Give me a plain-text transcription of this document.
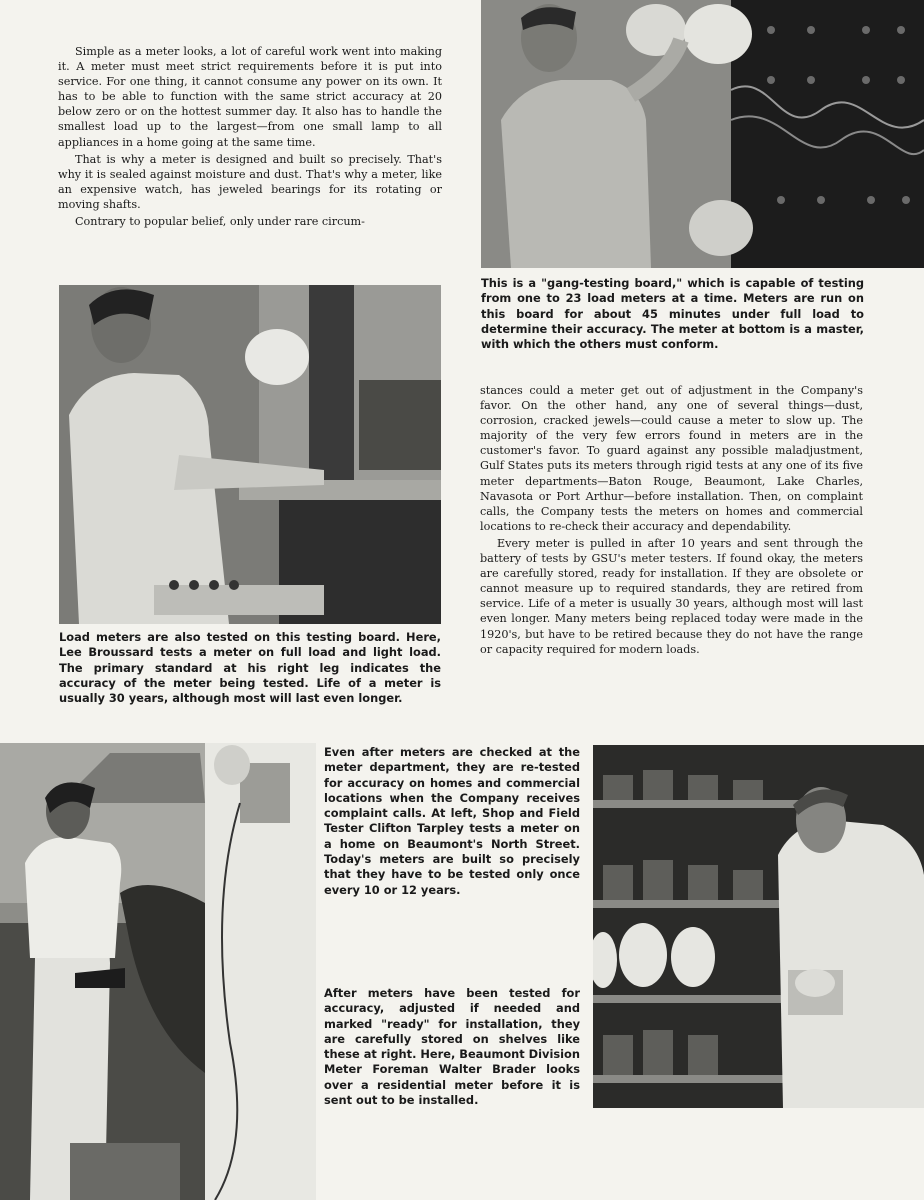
Simple as a meter looks, a lot of careful work went into making it. A meter must meet strict requirements before it is put into service. For one thing, it cannot consume any power on its own. It has to be able to function with the same strict accuracy at 20 below zero or on the hottest summer day. It also has to handle the smallest load up to the largest—from one small lamp to all appliances in a home going at the same time.

That is why a meter is designed and built so precisely. That's why it is sealed against moisture and dust. That's why a meter, like an expensive watch, has jeweled bearings for its rotating or moving shafts.

Contrary to popular belief, only under rare circum-

This is a "gang-testing board," which is capable of testing from one to 23 load meters at a time. Meters are run on this board for about 45 minutes under full load to determine their accuracy. The meter at bottom is a master, with which the others must conform.
Load meters are also tested on this testing board. Here, Lee Broussard tests a meter on full load and light load. The primary standard at his right leg indicates the accuracy of the meter being tested. Life of a meter is usually 30 years, although most will last even longer.

stances could a meter get out of adjustment in the Company's favor. On the other hand, any one of several things—dust, corrosion, cracked jewels—could cause a meter to slow up. The majority of the very few errors found in meters are in the customer's favor. To guard against any possible maladjustment, Gulf States puts its meters through rigid tests at any one of its five meter departments—Baton Rouge, Beaumont, Lake Charles, Navasota or Port Arthur—before installation. Then, on complaint calls, the Company tests the meters on homes and commercial locations to re-check their accuracy and dependability.

Every meter is pulled in after 10 years and sent through the battery of tests by GSU's meter testers. If found okay, the meters are carefully stored, ready for installation. If they are obsolete or cannot measure up to required standards, they are retired from service. Life of a meter is usually 30 years, although most will last even longer. Many meters being replaced today were made in the 1920's, but have to be retired because they do not have the range or capacity required for modern loads.

Even after meters are checked at the meter department, they are re-tested for accuracy on homes and commercial locations when the Company receives complaint calls. At left, Shop and Field Tester Clifton Tarpley tests a meter on a home on Beaumont's North Street. Today's meters are built so precisely that they have to be tested only once every 10 or 12 years.
After meters have been tested for accuracy, adjusted if needed and marked "ready" for installation, they are carefully stored on shelves like these at right. Here, Beaumont Division Meter Foreman Walter Brader looks over a residential meter before it is sent out to be installed.
